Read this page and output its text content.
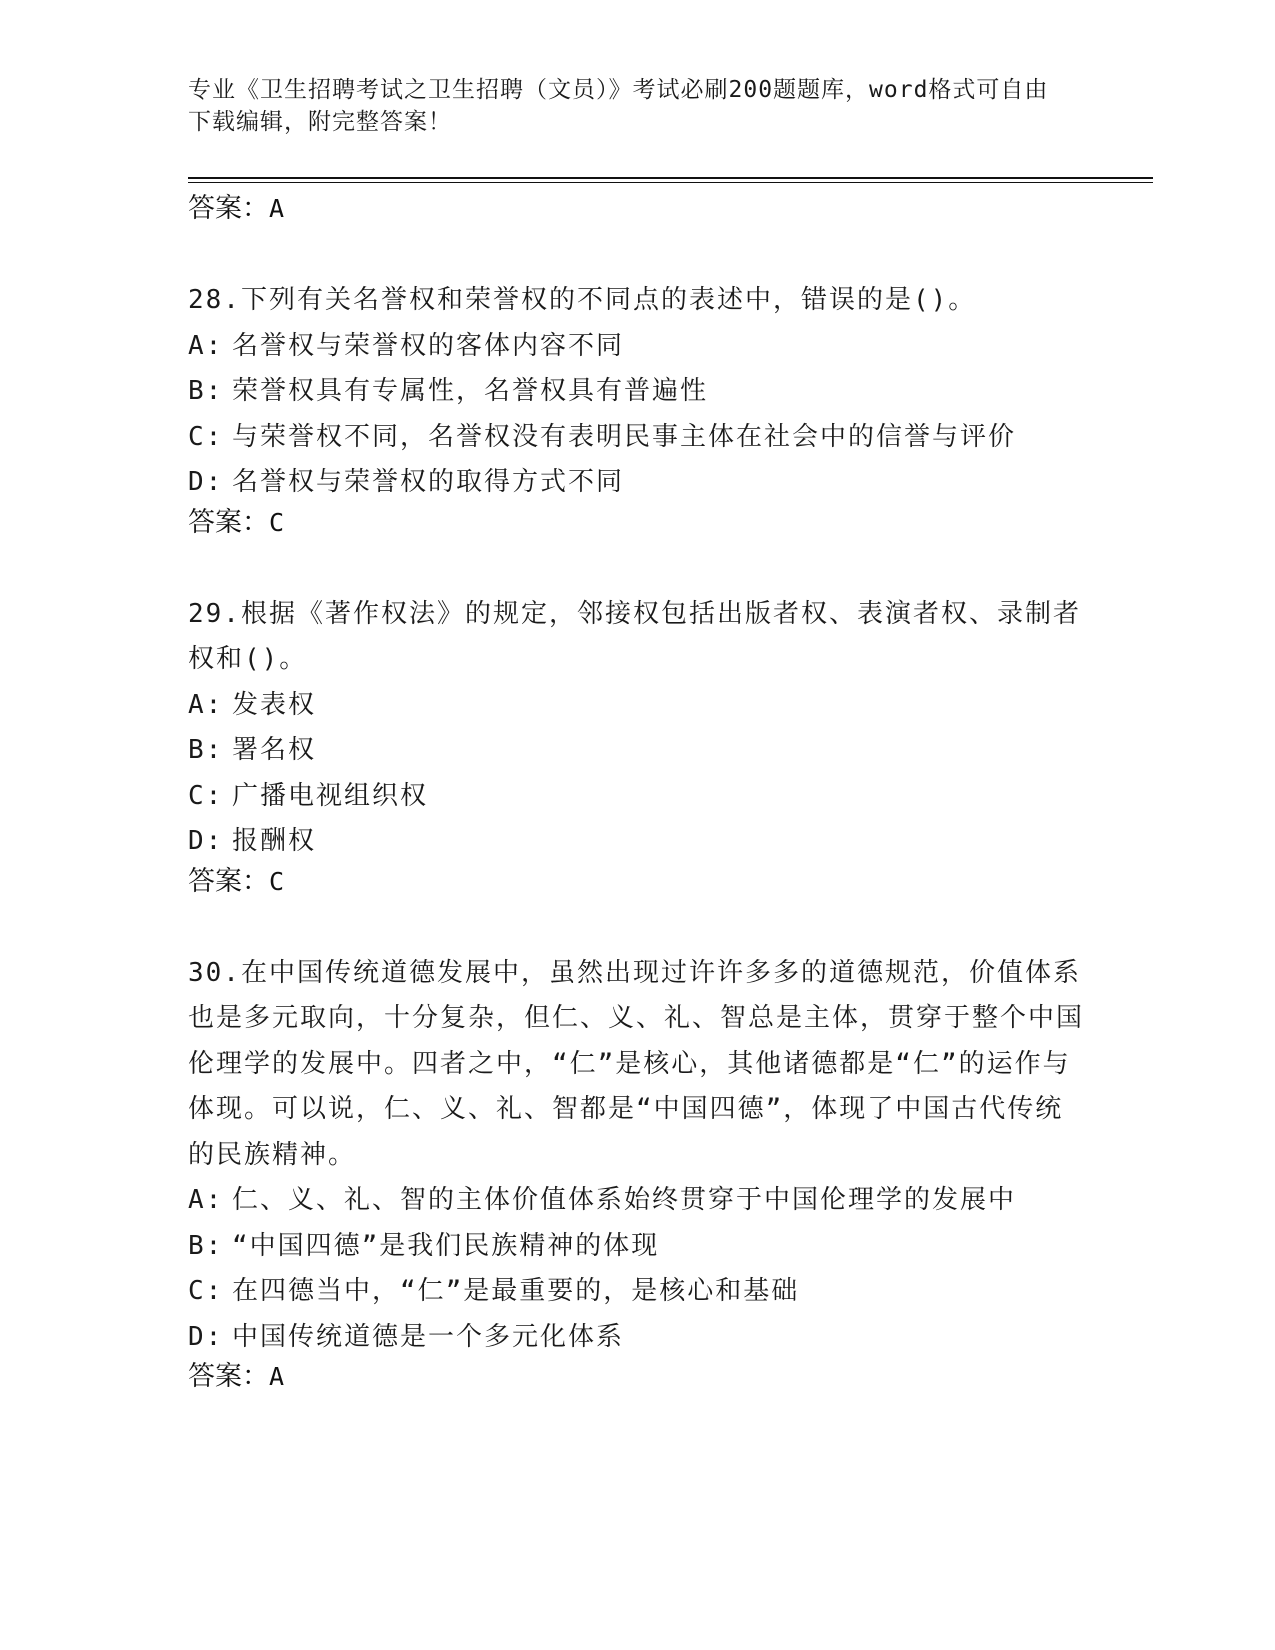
专业《卫生招聘考试之卫生招聘（文员）》考试必刷200题题库，word格式可自由下载编辑，附完整答案！
答案：A
28.下列有关名誉权和荣誉权的不同点的表述中，错误的是()。
A: 名誉权与荣誉权的客体内容不同
B: 荣誉权具有专属性，名誉权具有普遍性
C: 与荣誉权不同，名誉权没有表明民事主体在社会中的信誉与评价
D: 名誉权与荣誉权的取得方式不同
答案：C
29.根据《著作权法》的规定，邻接权包括出版者权、表演者权、录制者权和()。
A: 发表权
B: 署名权
C: 广播电视组织权
D: 报酬权
答案：C
30.在中国传统道德发展中，虽然出现过许许多多的道德规范，价值体系也是多元取向，十分复杂，但仁、义、礼、智总是主体，贯穿于整个中国伦理学的发展中。四者之中，“仁”是核心，其他诸德都是“仁”的运作与体现。可以说，仁、义、礼、智都是“中国四德”，体现了中国古代传统的民族精神。
A: 仁、义、礼、智的主体价值体系始终贯穿于中国伦理学的发展中
B: “中国四德”是我们民族精神的体现
C: 在四德当中，“仁”是最重要的，是核心和基础
D: 中国传统道德是一个多元化体系
答案：A
